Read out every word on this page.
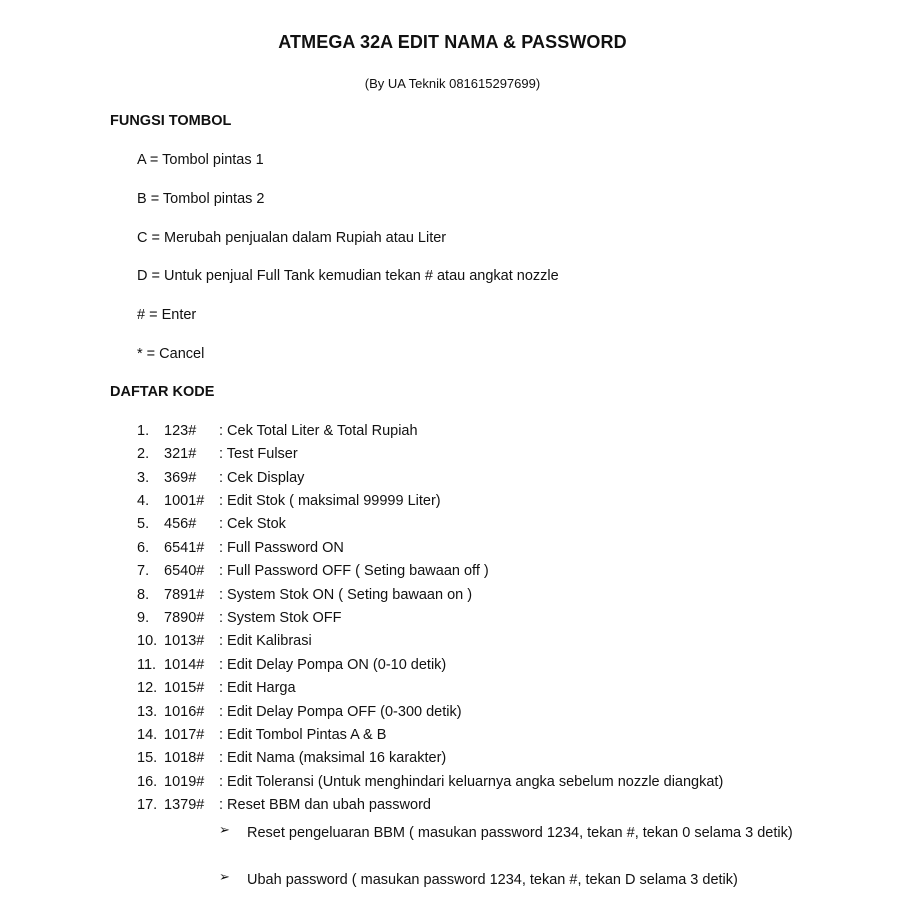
ATMEGA 32A EDIT NAMA & PASSWORD
(By UA Teknik 081615297699)
FUNGSI TOMBOL
A = Tombol pintas 1
B = Tombol pintas 2
C = Merubah penjualan dalam Rupiah atau Liter
D = Untuk penjual Full Tank kemudian tekan # atau angkat nozzle
# = Enter
* = Cancel
DAFTAR KODE
1. 123# : Cek Total Liter & Total Rupiah
2. 321# : Test Fulser
3. 369# : Cek Display
4. 1001# : Edit Stok ( maksimal 99999 Liter)
5. 456# : Cek Stok
6. 6541# : Full Password ON
7. 6540# : Full Password OFF ( Seting bawaan off )
8. 7891# : System Stok ON ( Seting bawaan on )
9. 7890# : System Stok OFF
10. 1013# : Edit Kalibrasi
11. 1014# : Edit Delay Pompa ON (0-10 detik)
12. 1015# : Edit Harga
13. 1016# : Edit Delay Pompa OFF (0-300 detik)
14. 1017# : Edit Tombol Pintas A & B
15. 1018# : Edit Nama (maksimal 16 karakter)
16. 1019# : Edit Toleransi (Untuk menghindari keluarnya angka sebelum nozzle diangkat)
17. 1379# : Reset BBM dan ubah password
➢ Reset pengeluaran BBM ( masukan password 1234, tekan #, tekan 0 selama 3 detik)
➢ Ubah password ( masukan password 1234, tekan #, tekan D selama 3 detik)
